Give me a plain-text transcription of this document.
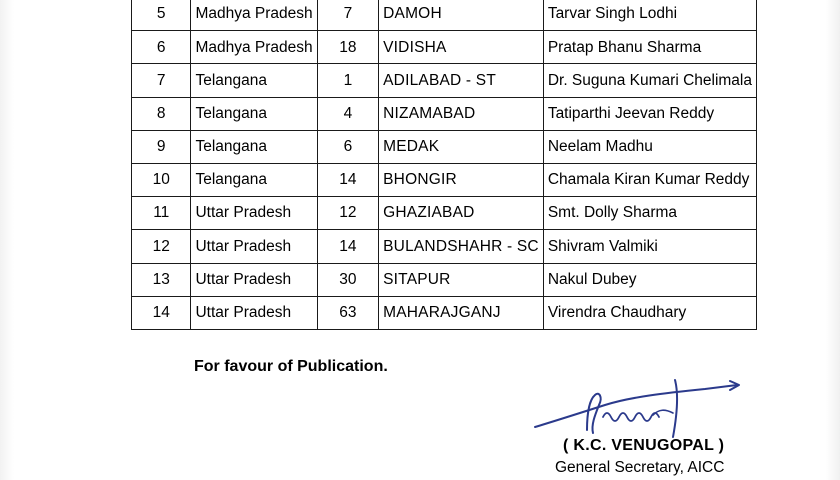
5	Madhya Pradesh	7	DAMOH	Tarvar Singh Lodhi
6	Madhya Pradesh	18	VIDISHA	Pratap Bhanu Sharma
7	Telangana	1	ADILABAD - ST	Dr. Suguna Kumari Chelimala
8	Telangana	4	NIZAMABAD	Tatiparthi Jeevan Reddy
9	Telangana	6	MEDAK	Neelam Madhu
10	Telangana	14	BHONGIR	Chamala Kiran Kumar Reddy
11	Uttar Pradesh	12	GHAZIABAD	Smt. Dolly Sharma
12	Uttar Pradesh	14	BULANDSHAHR - SC	Shivram Valmiki
13	Uttar Pradesh	30	SITAPUR	Nakul Dubey
14	Uttar Pradesh	63	MAHARAJGANJ	Virendra Chaudhary
For favour of Publication.
( K.C. VENUGOPAL )
General Secretary, AICC
